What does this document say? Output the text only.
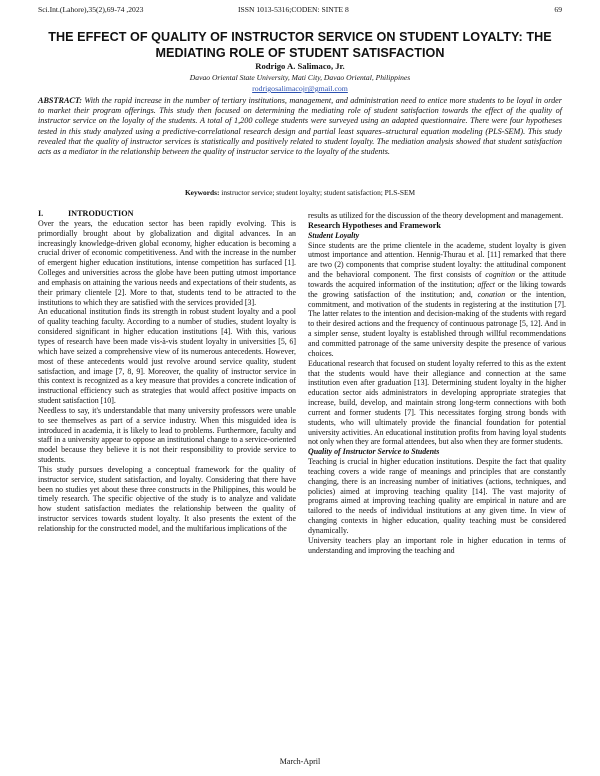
Sci.Int.(Lahore),35(2),69-74 ,2023	ISSN 1013-5316;CODEN: SINTE 8	69
THE EFFECT OF QUALITY OF INSTRUCTOR SERVICE ON STUDENT LOYALTY: THE MEDIATING ROLE OF STUDENT SATISFACTION
Rodrigo A. Salimaco, Jr.
Davao Oriental State University, Mati City, Davao Oriental, Philippines
rodrigosalimacojr@gmail.com
ABSTRACT: With the rapid increase in the number of tertiary institutions, management, and administration need to entice more students to be loyal in order to market their program offerings. This study then focused on determining the mediating role of student satisfaction towards the effect of the quality of instructor service on the loyalty of the students. A total of 1,200 college students were surveyed using an adapted questionnaire. There were four hypotheses tested in this study analyzed using a predictive-correlational research design and partial least squares–structural equation modeling (PLS-SEM). This study revealed that the quality of instructor services is statistically and positively related to student loyalty. The mediation analysis showed that student satisfaction acts as a mediator in the relationship between the quality of instructor service to the loyalty of the students.
Keywords: instructor service; student loyalty; student satisfaction; PLS-SEM

I.	INTRODUCTION

Over the years, the education sector has been rapidly evolving. This is primordially brought about by globalization and digital advances. In an increasingly knowledge-driven global economy, higher education is becoming a crucial driver of economic competitiveness. And with the increase in the number of emergent higher education institutions, intense competition has surfaced [1]. Colleges and universities across the globe have been putting utmost importance and emphasis on attaining the various needs and expectations of their students, as their primary clientele [2]. More to that, students tend to be attracted to the institutions to which they are satisfied with the services provided [3].

An educational institution finds its strength in robust student loyalty and a pool of quality teaching faculty. According to a number of studies, student loyalty is considered significant in higher education institutions [4]. With this, various types of research have been made vis-à-vis student loyalty in universities [5, 6] which have seized a comprehensive view of its numerous antecedents. However, most of these antecedents would just revolve around service quality, student satisfaction, and image [7, 8, 9]. Moreover, the quality of instructor service in this context is recognized as a key measure that provides a concrete indication of instructional efficiency such as strategies that would affect positive impacts on student satisfaction [10].

Needless to say, it's understandable that many university professors were unable to see themselves as part of a service industry. When this misguided idea is introduced in academia, it is likely to lead to problems. Furthermore, faculty and staff in a university appear to oppose an institutional change to a service-oriented model because they believe it is not their responsibility to provide service to students.

This study pursues developing a conceptual framework for the quality of instructor service, student satisfaction, and loyalty. Considering that there have been no studies yet about these three constructs in the Philippines, this would be timely research. The specific objective of the study is to analyze and validate how student satisfaction mediates the relationship between the quality of instructor services towards student loyalty. It also presents the extent of the relationship for the constructed model, and the multifarious implications of the

results as utilized for the discussion of the theory development and management.

Research Hypotheses and Framework

Student Loyalty

Since students are the prime clientele in the academe, student loyalty is given utmost importance and attention. Hennig-Thurau et al. [11] remarked that there are two (2) components that comprise student loyalty: the attitudinal component and the behavioral component. The first consists of cognition or the attitude towards the acquired information of the institution; affect or the liking towards the growing satisfaction of the institution; and, conation or the intention, commitment, and motivation of the students in registering at the institution [7]. The latter relates to the intention and decision-making of the students with regard to their desired actions and the frequency of continuous patronage [5, 12]. And in a simpler sense, student loyalty is established through willful recommendations and committed patronage of the same university despite the presence of various choices.

Educational research that focused on student loyalty referred to this as the extent that the students would have their allegiance and connection at the same institution even after graduation [13]. Determining student loyalty in the higher education sector aids administrators in developing appropriate strategies that increase, build, develop, and maintain strong long-term connections with both current and former students [7]. This necessitates forging strong bonds with students, who will ultimately provide the financial foundation for potential university activities. An educational institution profits from having loyal students not only when they are formal attendees, but also when they are former students.

Quality of Instructor Service to Students

Teaching is crucial in higher education institutions. Despite the fact that quality teaching covers a wide range of meanings and principles that are constantly changing, there is an increasing number of initiatives (actions, techniques, and policies) aimed at improving teaching quality [14]. The vast majority of programs aimed at improving teaching quality are empirical in nature and are tailored to the needs of individual institutions at any given time. In view of changing contexts in higher education, quality teaching must be considered dynamically.

University teachers play an important role in higher education in terms of understanding and improving the teaching and

March-April
